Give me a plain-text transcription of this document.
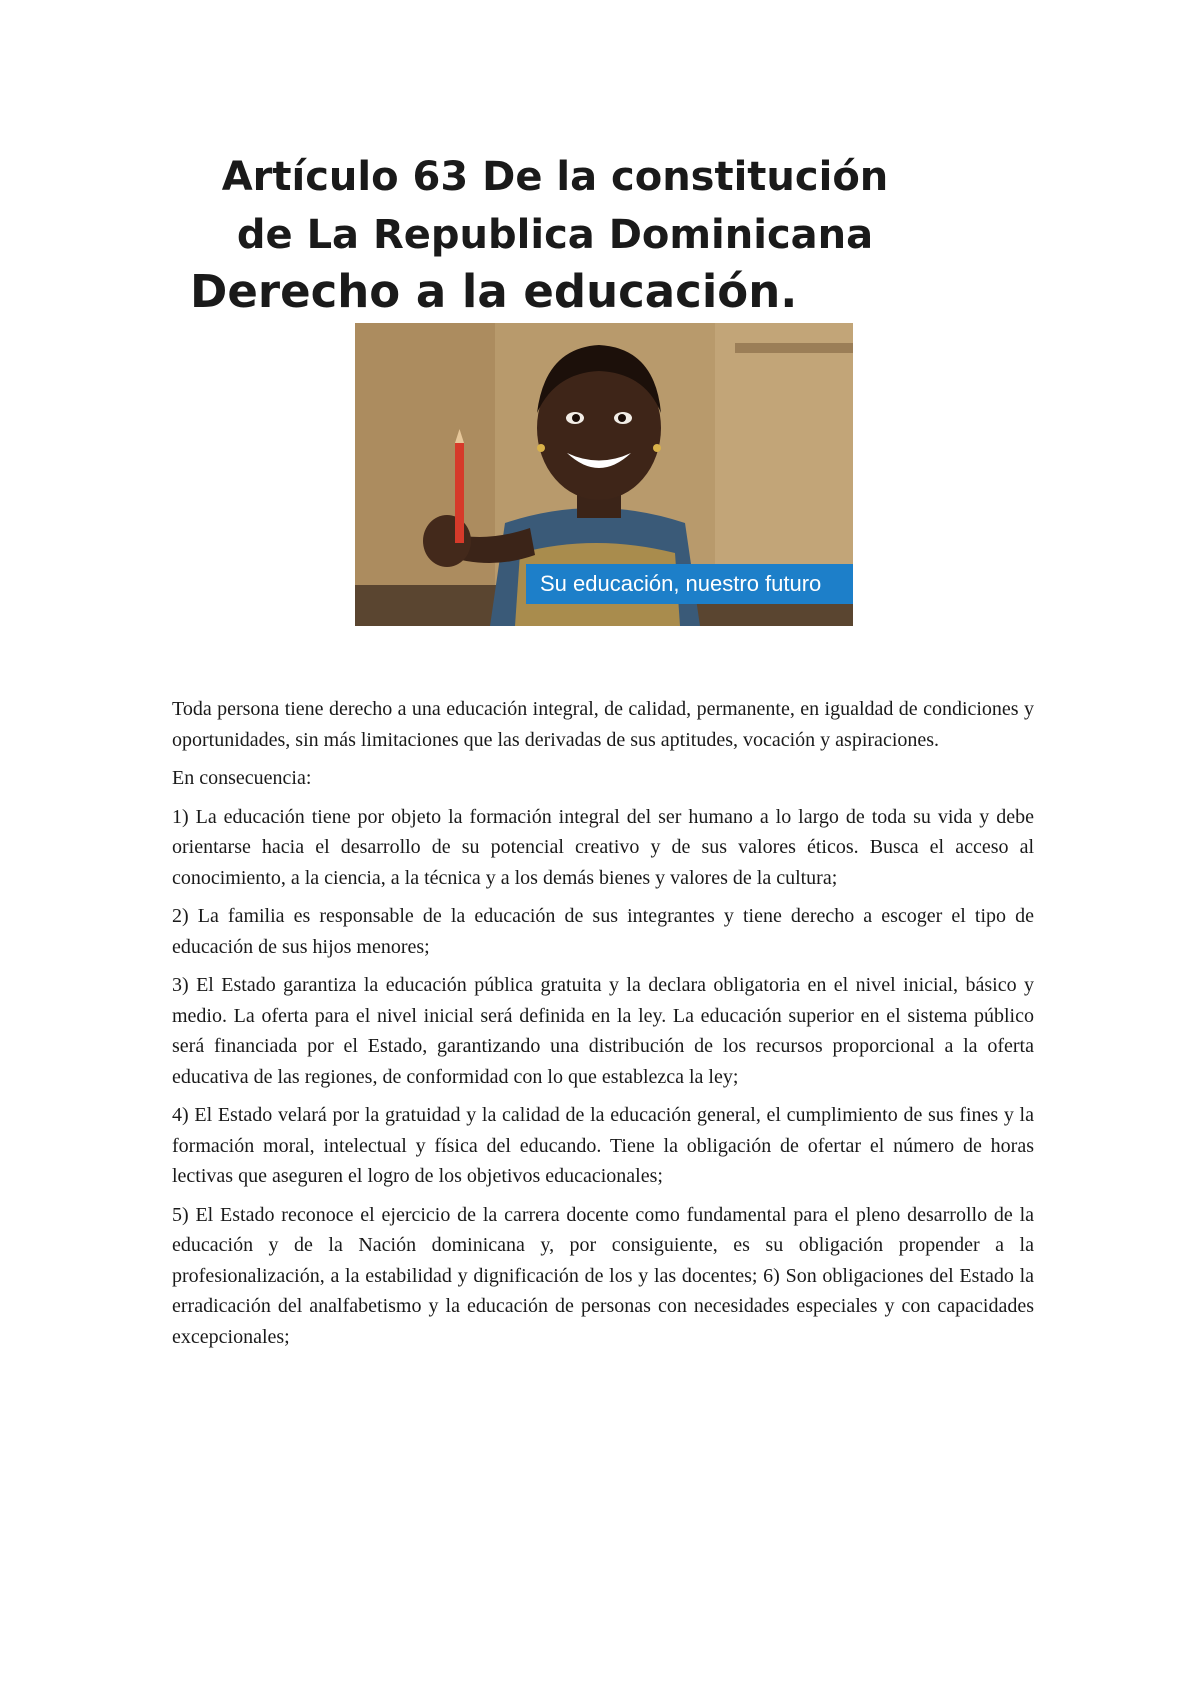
Artículo 63 De la constitución
de La Republica Dominicana
Derecho a la educación.
Su educación, nuestro futuro

Toda persona tiene derecho a una educación integral, de calidad, permanente, en igualdad de condiciones y oportunidades, sin más limitaciones que las derivadas de sus aptitudes, vocación y aspiraciones.

En consecuencia:

1) La educación tiene por objeto la formación integral del ser humano a lo largo de toda su vida y debe orientarse hacia el desarrollo de su potencial creativo y de sus valores éticos. Busca el acceso al conocimiento, a la ciencia, a la técnica y a los demás bienes y valores de la cultura;

2) La familia es responsable de la educación de sus integrantes y tiene derecho a escoger el tipo de educación de sus hijos menores;

3) El Estado garantiza la educación pública gratuita y la declara obligatoria en el nivel inicial, básico y medio. La oferta para el nivel inicial será definida en la ley. La educación superior en el sistema público será financiada por el Estado, garantizando una distribución de los recursos proporcional a la oferta educativa de las regiones, de conformidad con lo que establezca la ley;

4) El Estado velará por la gratuidad y la calidad de la educación general, el cumplimiento de sus fines y la formación moral, intelectual y física del educando. Tiene la obligación de ofertar el número de horas lectivas que aseguren el logro de los objetivos educacionales;

5) El Estado reconoce el ejercicio de la carrera docente como fundamental para el pleno desarrollo de la educación y de la Nación dominicana y, por consiguiente, es su obligación propender a la profesionalización, a la estabilidad y dignificación de los y las docentes; 6) Son obligaciones del Estado la erradicación del analfabetismo y la educación de personas con necesidades especiales y con capacidades excepcionales;
